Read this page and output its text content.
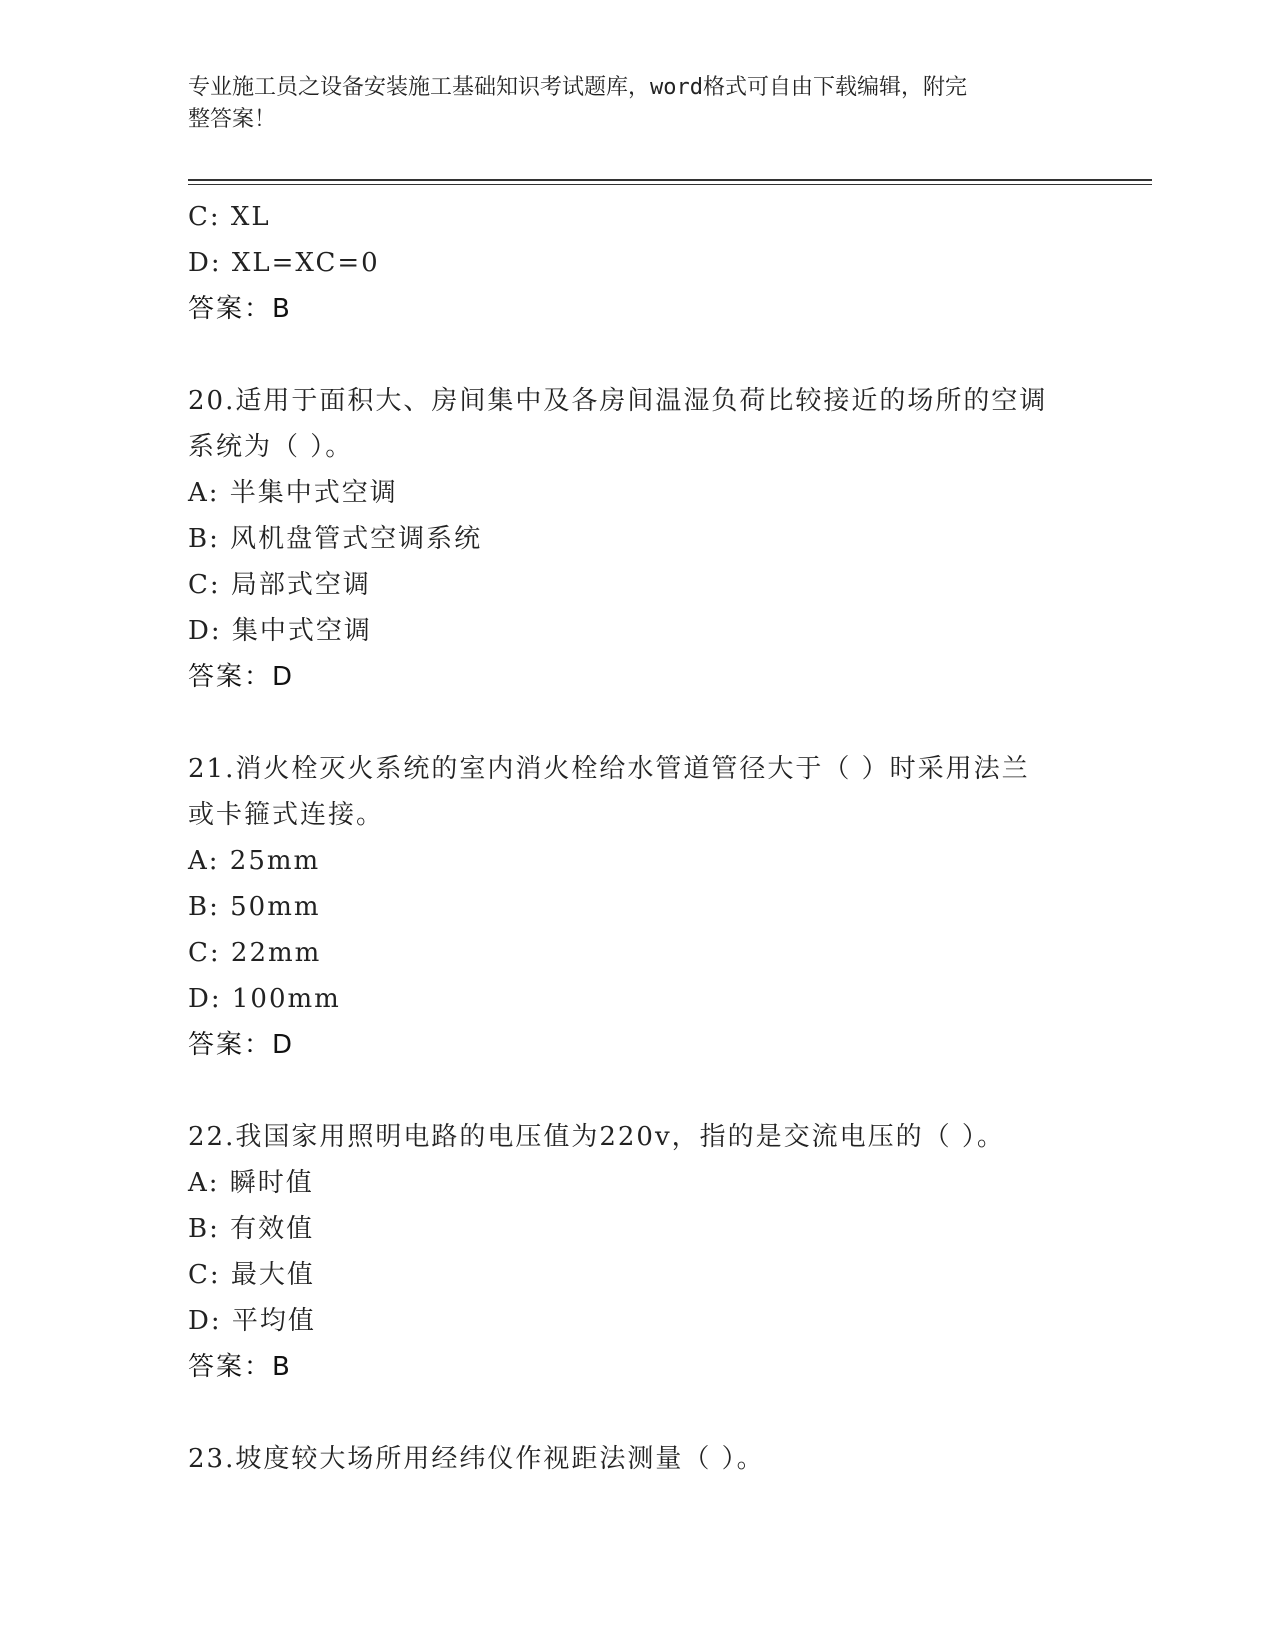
专业施工员之设备安装施工基础知识考试题库，word格式可自由下载编辑，附完
整答案！
C: XL
D: XL=XC=0
答案：B
20.适用于面积大、房间集中及各房间温湿负荷比较接近的场所的空调
系统为（ ）。
A: 半集中式空调
B: 风机盘管式空调系统
C: 局部式空调
D: 集中式空调
答案：D
21.消火栓灭火系统的室内消火栓给水管道管径大于（ ）时采用法兰
或卡箍式连接。
A: 25mm
B: 50mm
C: 22mm
D: 100mm
答案：D
22.我国家用照明电路的电压值为220v，指的是交流电压的（ ）。
A: 瞬时值
B: 有效值
C: 最大值
D: 平均值
答案：B
23.坡度较大场所用经纬仪作视距法测量（ ）。
